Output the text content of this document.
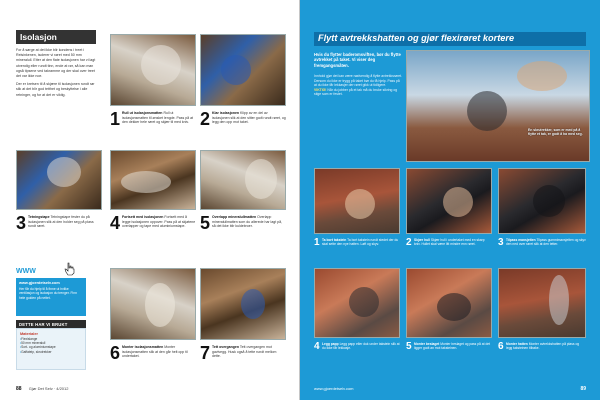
Isolasjon

For å sørge at det ikke blir kondens i treet i Reisinkenen, isolerer vi røret med 50 mm mineralull. Etter at den flate isolasjonen har vi lagt utvendig eller rundt tinn, ende at rør, så kan man også tipsene ved takramme og der skal over treet det var ikke noe.

Der er kretsen til å skjære til isolasjonen rundt rør slik at det blir god tetthet og beskyttelse i alle retninger, og for at det er viktig.

1 Rull ut isolasjonsmatten Rull ut isolasjonsmatten til ønsket lengde. Pass på at den dekker hele røret og skjær til med kniv. 2 Klar isolasjonen Klipp av en del av isolasjonen slik at den sitter godt rundt røret, og legg den opp mot taket.
3 Tetningstape Tetningstape fester du på isolasjonen slik at den holder seg på plass rundt røret.	4 Fortsett med isolasjonen Fortsett med å legge isolasjonen oppover. Pass på at skjøtene overlapper og tape med aluminiumstape. 5 Overlapp mineralullmatten Overlapp mineralullmatten som du allerede har lagt på, så det ikke blir kuldebroer.
6 Monter isolasjonsmatten Monter isolasjonsmatten slik at den går helt opp til undertaket.	7 Tett overgangen Tett overgangen mot gavlvegg. Husk også å tette rundt mellom dette.
WWW
www.gjoerdetselv.com
Her får du hjelp til å finne ut hvilke ventilasjon og isolasjon du trenger. Finn hele guiden på nettet.
DETTE HAR VI BRUKT
Materialer
• Flexislange
• 50 mm mineralull
• Sort- og aluminiumstape
• Gaffateip, skrutrekker
88 Gjør Det Selv · 4/2012
Flytt avtrekkshatten og gjør flexirøret kortere
Hvis du flytter baderomsviften, bør du flytte avtrekket på taket. Vi viser deg fremgangsmåten.
Innhold gjør det kan være nødvendig å flytte avtrekksrøret. Dersom du ikke er trygg på taket bør du få hjelp. Pass på at du ikke får lekkasjer der røret gikk ut tidligere.
VIKTIG! Når du jobber på et tak må du bruke sikring og stige som er festet.
En skrutrekker, som er med på å flytte et tak, er godt å ha med seg.
1 Ta bort takstein Ta bort takstein rundt stedet der du skal sette den nye hatten. Løft og skyv.	2 Skjær hull Skjær hull i undertaket med en skarp kniv. Hullet skal være litt mindre enn røret.	3 Tilpass mansjetten Tilpass gummimansjetten og skyv den ned over røret slik at den tetter.
4 Legg papp Legg papp eller duk under takstein slik at du ikke får lekkasje.	5 Monter beslaget Monter beslaget og pass på at det ligger godt an mot taksteinen.	6 Monter hatten Monter avtrekkshatten på plass og legg taksteinen tilbake.
www.gjoerdetselv.com	89
